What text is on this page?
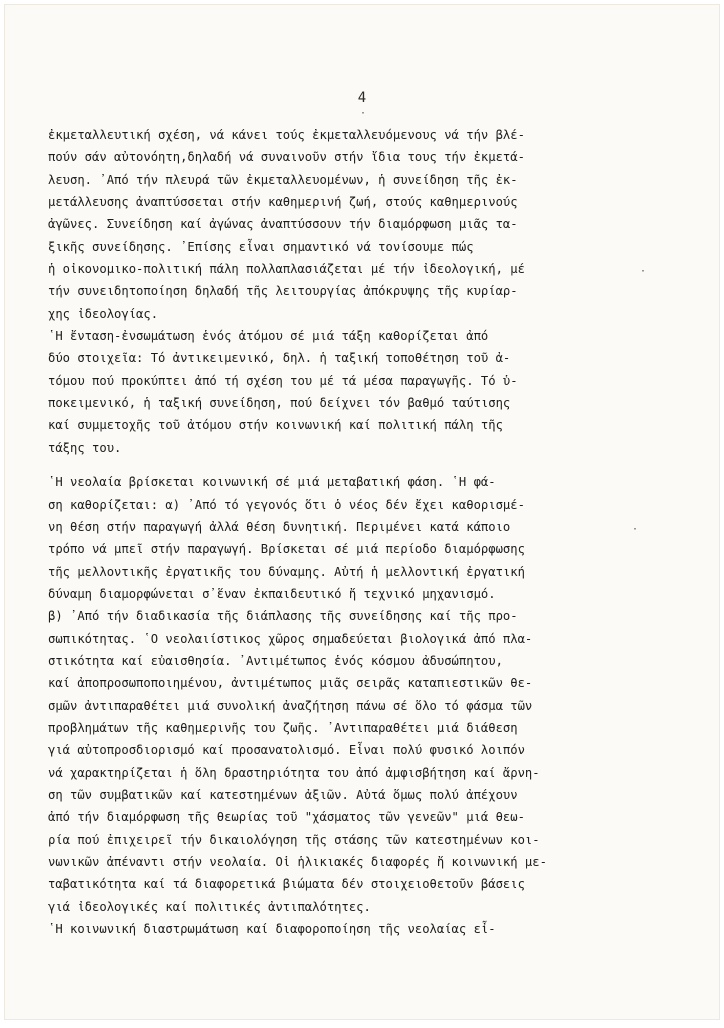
4
ἐκμεταλλευτική σχέση, νά κάνει τούς ἐκμεταλλευόμενους νά τήν βλέ-
πούν σάν αὐτονόητη,δηλαδή νά συναινοῦν στήν ἴδια τους τήν ἐκμετά-
λευση. ᾿Από τήν πλευρά τῶν ἐκμεταλλευομένων, ἡ συνείδηση τῆς ἐκ-
μετάλλευσης ἀναπτύσσεται στήν καθημερινή ζωή, στούς καθημερινούς
ἀγῶνες. Συνείδηση καί ἀγώνας ἀναπτύσσουν τήν διαμόρφωση μιᾶς τα-
ξικῆς συνείδησης. ᾿Επίσης εἶναι σημαντικό νά τονίσουμε πώς
ἡ οἰκονομικο-πολιτική πάλη πολλαπλασιάζεται μέ τήν ἰδεολογική, μέ
τήν συνειδητοποίηση δηλαδή τῆς λειτουργίας ἀπόκρυψης τῆς κυρίαρ-
χης ἰδεολογίας.
῾Η ἔνταση-ἐνσωμάτωση ἑνός ἀτόμου σέ μιά τάξη καθορίζεται ἀπό
δύο στοιχεῖα: Τό ἀντικειμενικό, δηλ. ἡ ταξική τοποθέτηση τοῦ ἀ-
τόμου πού προκύπτει ἀπό τή σχέση του μέ τά μέσα παραγωγῆς. Τό ὑ-
ποκειμενικό, ἡ ταξική συνείδηση, πού δείχνει τόν βαθμό ταύτισης
καί συμμετοχῆς τοῦ ἀτόμου στήν κοινωνική καί πολιτική πάλη τῆς
τάξης του.
῾Η νεολαία βρίσκεται κοινωνική σέ μιά μεταβατική φάση. ῾Η φά-
ση καθορίζεται: α) ᾿Από τό γεγονός ὅτι ὁ νέος δέν ἔχει καθορισμέ-
νη θέση στήν παραγωγή ἀλλά θέση δυνητική. Περιμένει κατά κάποιο
τρόπο νά μπεῖ στήν παραγωγή. Βρίσκεται σέ μιά περίοδο διαμόρφωσης
τῆς μελλοντικῆς ἐργατικῆς του δύναμης. Αὐτή ἡ μελλοντική ἐργατική
δύναμη διαμορφώνεται σ᾿ἕναν ἐκπαιδευτικό ἤ τεχνικό μηχανισμό.
β) ᾿Από τήν διαδικασία τῆς διάπλασης τῆς συνείδησης καί τῆς προ-
σωπικότητας. ῾Ο νεολαιίστικος χῶρος σημαδεύεται βιολογικά ἀπό πλα-
στικότητα καί εὐαισθησία. ᾿Αντιμέτωπος ἑνός κόσμου ἀδυσώπητου,
καί ἀποπροσωποποιημένου, ἀντιμέτωπος μιᾶς σειρᾶς καταπιεστικῶν θε-
σμῶν ἀντιπαραθέτει μιά συνολική ἀναζήτηση πάνω σέ ὅλο τό φάσμα τῶν
προβλημάτων τῆς καθημερινῆς του ζωῆς. ᾿Αντιπαραθέτει μιά διάθεση
γιά αὐτοπροσδιορισμό καί προσανατολισμό. Εἶναι πολύ φυσικό λοιπόν
νά χαρακτηρίζεται ἡ ὅλη δραστηριότητα του ἀπό ἀμφισβήτηση καί ἄρνη-
ση τῶν συμβατικῶν καί κατεστημένων ἀξιῶν. Αὐτά ὅμως πολύ ἀπέχουν
ἀπό τήν διαμόρφωση τῆς θεωρίας τοῦ "χάσματος τῶν γενεῶν" μιά θεω-
ρία πού ἐπιχειρεῖ τήν δικαιολόγηση τῆς στάσης τῶν κατεστημένων κοι-
νωνικῶν ἀπέναντι στήν νεολαία. Οἱ ἡλικιακές διαφορές ἤ κοινωνική με-
ταβατικότητα καί τά διαφορετικά βιώματα δέν στοιχειοθετοῦν βάσεις
γιά ἰδεολογικές καί πολιτικές ἀντιπαλότητες.
῾Η κοινωνική διαστρωμάτωση καί διαφοροποίηση τῆς νεολαίας εἶ-
·
·
·
